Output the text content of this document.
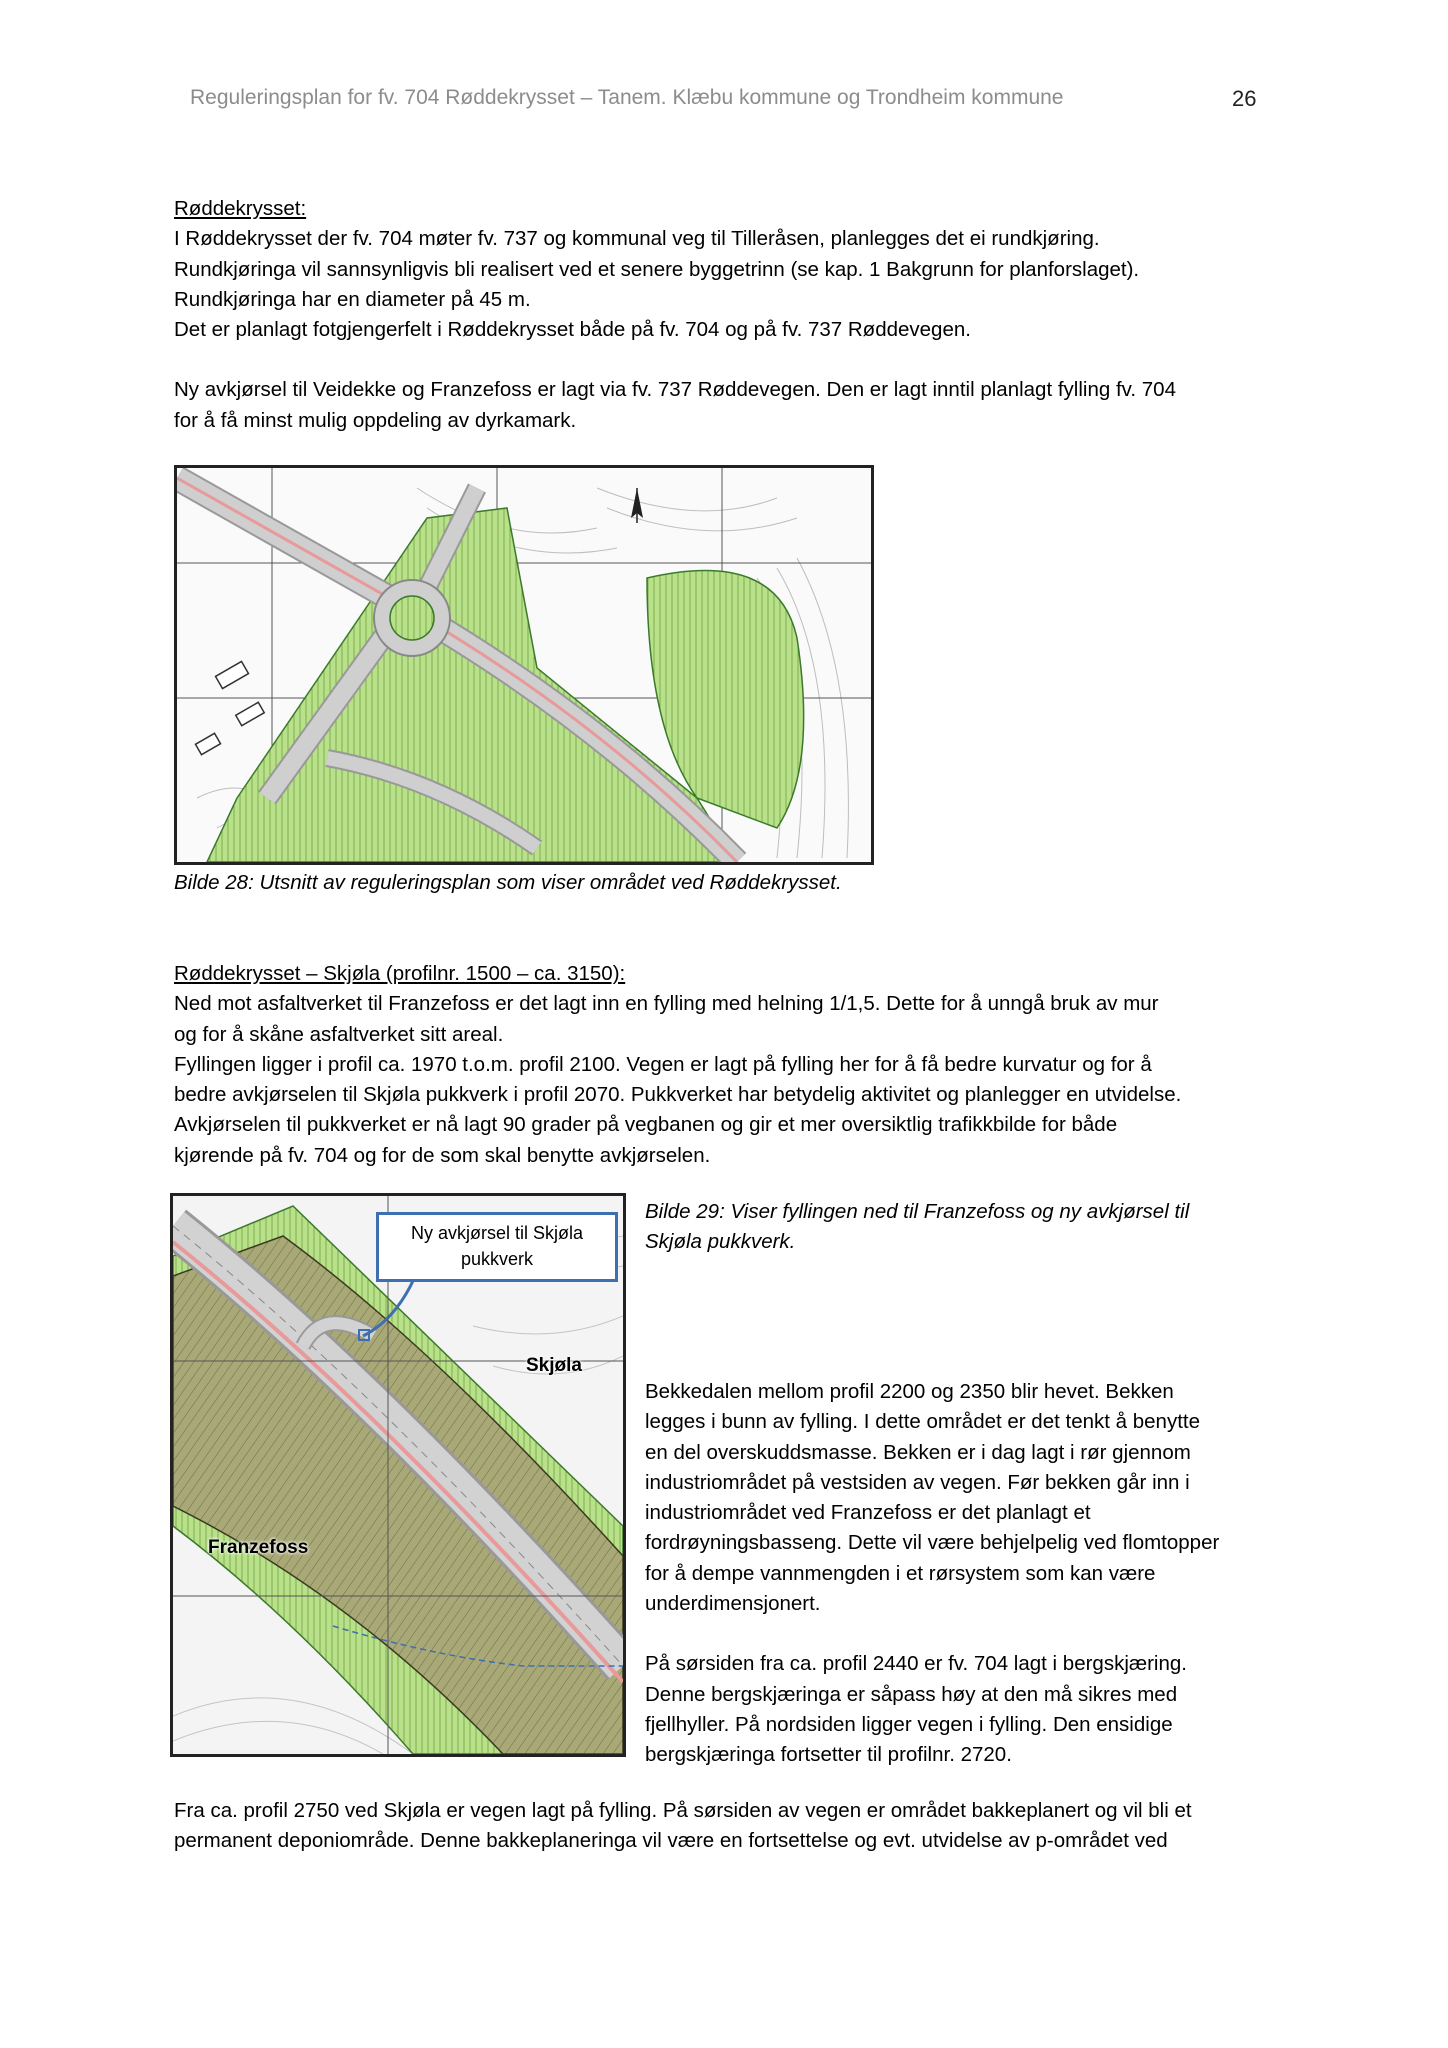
Reguleringsplan for fv. 704 Røddekrysset – Tanem. Klæbu kommune og Trondheim kommune	26

Røddekrysset:

I Røddekrysset der fv. 704 møter fv. 737 og kommunal veg til Tilleråsen, planlegges det ei rundkjøring.

Rundkjøringa vil sannsynligvis bli realisert ved et senere byggetrinn (se kap. 1 Bakgrunn for planforslaget).

Rundkjøringa har en diameter på 45 m.

Det er planlagt fotgjengerfelt i Røddekrysset både på fv. 704 og på fv. 737 Røddevegen.

Ny avkjørsel til Veidekke og Franzefoss er lagt via fv. 737 Røddevegen. Den er lagt inntil planlagt fylling fv. 704

for å få minst mulig oppdeling av dyrkamark.

Bilde 28: Utsnitt av reguleringsplan som viser området ved Røddekrysset.

Røddekrysset – Skjøla (profilnr. 1500 – ca. 3150):

Ned mot asfaltverket til Franzefoss er det lagt inn en fylling med helning 1/1,5. Dette for å unngå bruk av mur

og for å skåne asfaltverket sitt areal.

Fyllingen ligger i profil ca. 1970 t.o.m. profil 2100. Vegen er lagt på fylling her for å få bedre kurvatur og for å

bedre avkjørselen til Skjøla pukkverk i profil 2070. Pukkverket har betydelig aktivitet og planlegger en utvidelse.

Avkjørselen til pukkverket er nå lagt 90 grader på vegbanen og gir et mer oversiktlig trafikkbilde for både

kjørende på fv. 704 og for de som skal benytte avkjørselen.

Ny avkjørsel til Skjøla
pukkverk
Skjøla
Franzefoss
Bilde 29: Viser fyllingen ned til Franzefoss og ny avkjørsel til
Skjøla pukkverk.

Bekkedalen mellom profil 2200 og 2350 blir hevet. Bekken

legges i bunn av fylling. I dette området er det tenkt å benytte

en del overskuddsmasse. Bekken er i dag lagt i rør gjennom

industriområdet på vestsiden av vegen. Før bekken går inn i

industriområdet ved Franzefoss er det planlagt et

fordrøyningsbasseng. Dette vil være behjelpelig ved flomtopper

for å dempe vannmengden i et rørsystem som kan være

underdimensjonert.

På sørsiden fra ca. profil 2440 er fv. 704 lagt i bergskjæring.

Denne bergskjæringa er såpass høy at den må sikres med

fjellhyller. På nordsiden ligger vegen i fylling. Den ensidige

bergskjæringa fortsetter til profilnr. 2720.

Fra ca. profil 2750 ved Skjøla er vegen lagt på fylling. På sørsiden av vegen er området bakkeplanert og vil bli et

permanent deponiområde. Denne bakkeplaneringa vil være en fortsettelse og evt. utvidelse av p-området ved
